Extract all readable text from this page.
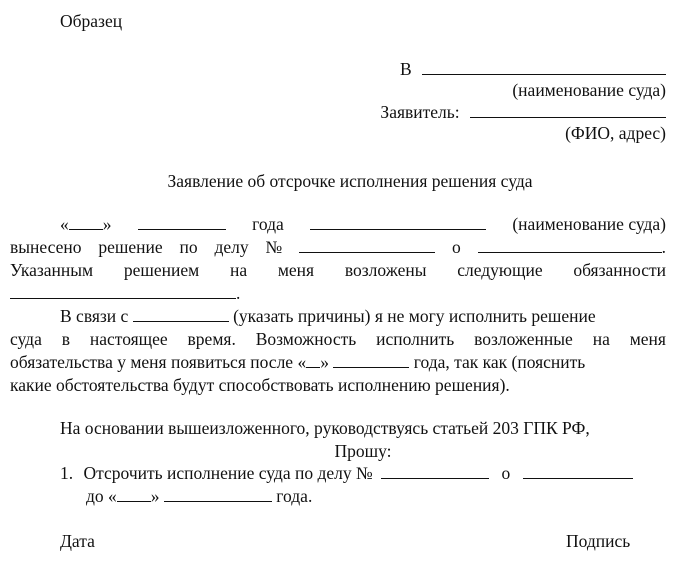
Образец
В
(наименование суда)
Заявитель:
(ФИО, адрес)
Заявление об отсрочке исполнения решения суда
« »	года	(наименование суда)
вынесено решение по делу №	о	.
Указанным решением на меня возложены следующие обязанности
.
В связи с	(указать причины) я не могу исполнить решение
суда в настоящее время. Возможность исполнить возложенные на меня
обязательства у меня появиться после « »	года, так как (пояснить
какие обстоятельства будут способствовать исполнению решения).
На основании вышеизложенного, руководствуясь статьей 203 ГПК РФ,
Прошу:
1. Отсрочить исполнение суда по делу №	о
до « »	года.
Дата	Подпись
